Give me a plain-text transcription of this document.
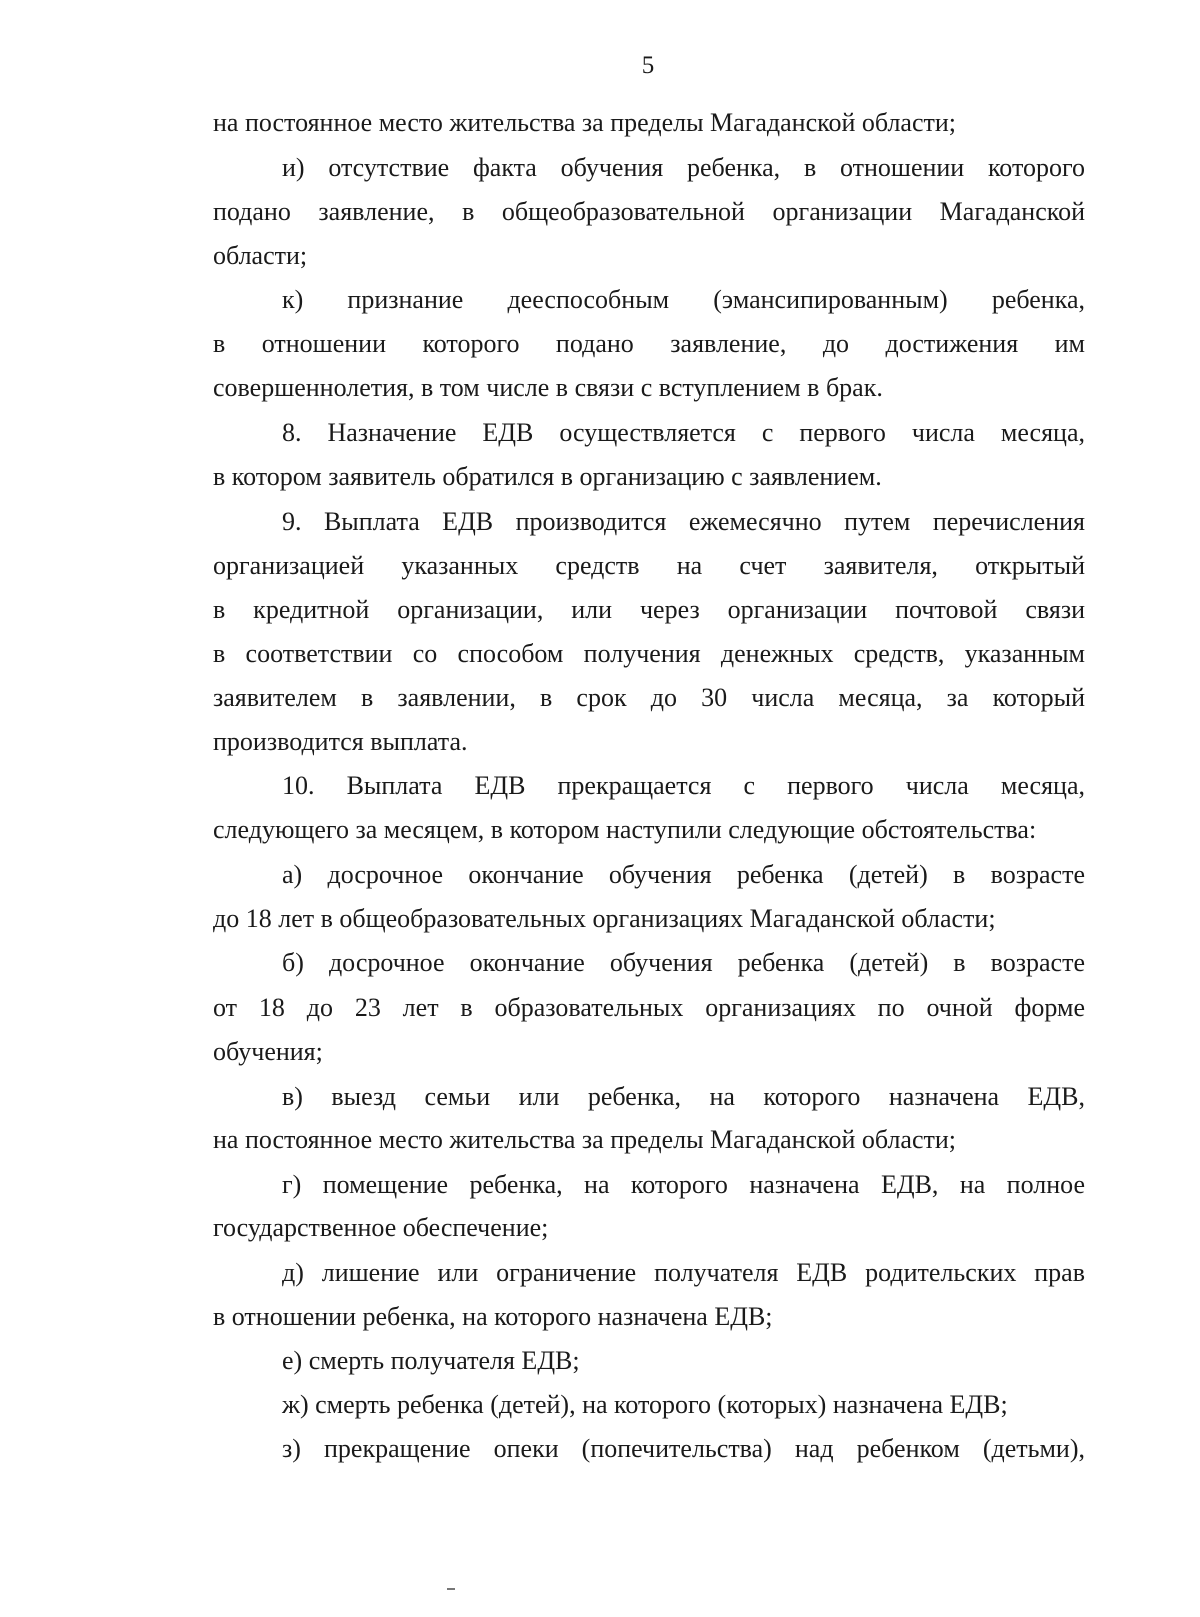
5
на постоянное место жительства за пределы Магаданской области;
и) отсутствие факта обучения ребенка, в отношении которого
подано заявление, в общеобразовательной организации Магаданской
области;
к) признание дееспособным (эмансипированным) ребенка,
в отношении которого подано заявление, до достижения им
совершеннолетия, в том числе в связи с вступлением в брак.
8. Назначение ЕДВ осуществляется с первого числа месяца,
в котором заявитель обратился в организацию с заявлением.
9. Выплата ЕДВ производится ежемесячно путем перечисления
организацией указанных средств на счет заявителя, открытый
в кредитной организации, или через организации почтовой связи
в соответствии со способом получения денежных средств, указанным
заявителем в заявлении, в срок до 30 числа месяца, за который
производится выплата.
10. Выплата ЕДВ прекращается с первого числа месяца,
следующего за месяцем, в котором наступили следующие обстоятельства:
а) досрочное окончание обучения ребенка (детей) в возрасте
до 18 лет в общеобразовательных организациях Магаданской области;
б) досрочное окончание обучения ребенка (детей) в возрасте
от 18 до 23 лет в образовательных организациях по очной форме
обучения;
в) выезд семьи или ребенка, на которого назначена ЕДВ,
на постоянное место жительства за пределы Магаданской области;
г) помещение ребенка, на которого назначена ЕДВ, на полное
государственное обеспечение;
д) лишение или ограничение получателя ЕДВ родительских прав
в отношении ребенка, на которого назначена ЕДВ;
е) смерть получателя ЕДВ;
ж) смерть ребенка (детей), на которого (которых) назначена ЕДВ;
з) прекращение опеки (попечительства) над ребенком (детьми),
